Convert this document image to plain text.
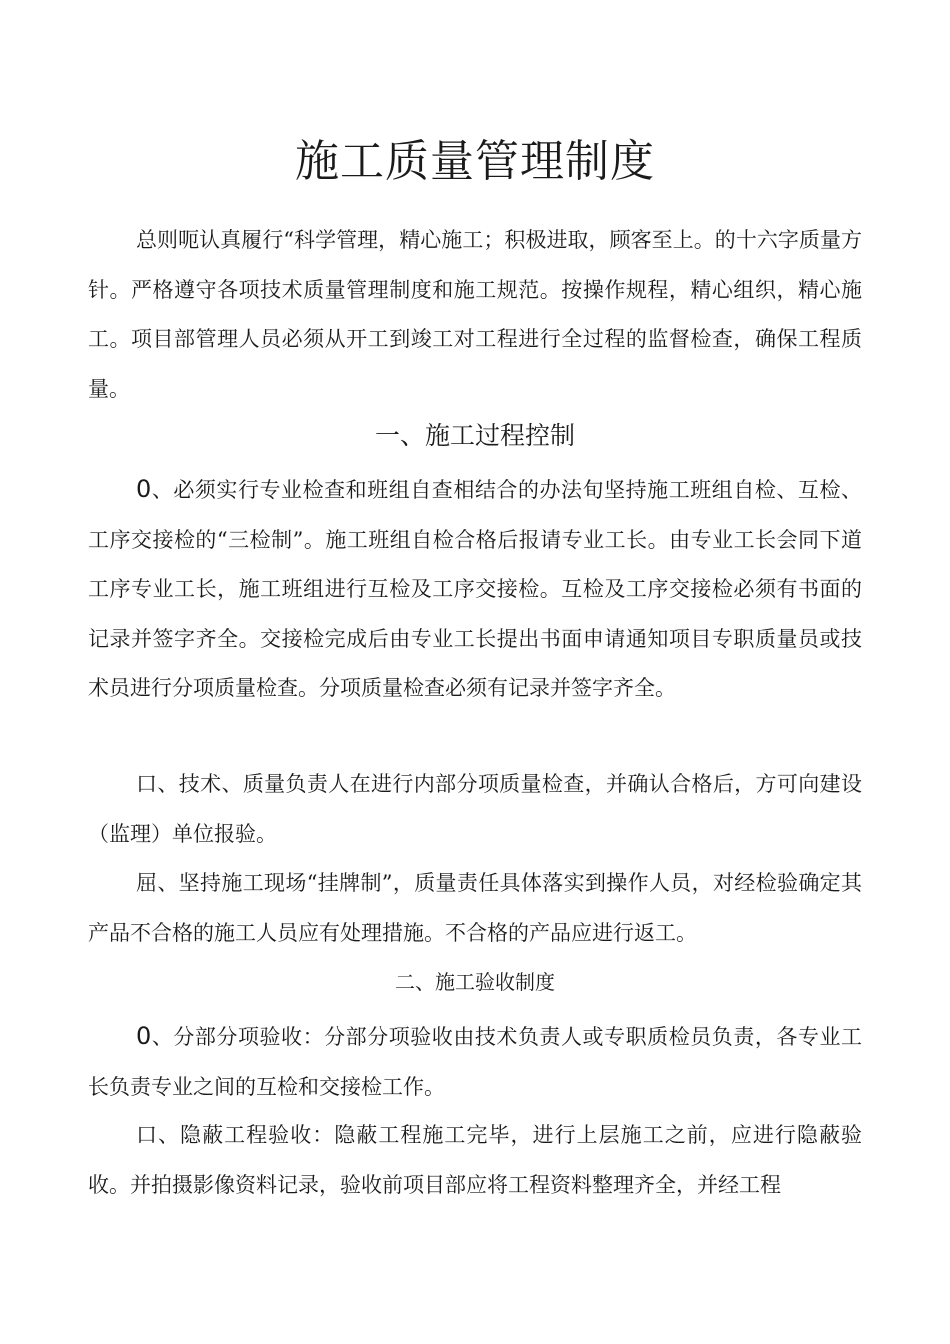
施工质量管理制度

总则呃认真履行“科学管理，精心施工；积极进取，顾客至上。的十六字质量方针。严格遵守各项技术质量管理制度和施工规范。按操作规程，精心组织，精心施工。项目部管理人员必须从开工到竣工对工程进行全过程的监督检查，确保工程质量。

一、施工过程控制

0、必须实行专业检查和班组自查相结合的办法旬坚持施工班组自检、互检、工序交接检的“三检制”。施工班组自检合格后报请专业工长。由专业工长会同下道工序专业工长，施工班组进行互检及工序交接检。互检及工序交接检必须有书面的记录并签字齐全。交接检完成后由专业工长提出书面申请通知项目专职质量员或技术员进行分项质量检查。分项质量检查必须有记录并签字齐全。

口、技术、质量负责人在进行内部分项质量检查，并确认合格后，方可向建设（监理）单位报验。

屈、坚持施工现场“挂牌制”，质量责任具体落实到操作人员，对经检验确定其产品不合格的施工人员应有处理措施。不合格的产品应进行返工。

二、施工验收制度

0、分部分项验收：分部分项验收由技术负责人或专职质检员负责，各专业工长负责专业之间的互检和交接检工作。

口、隐蔽工程验收：隐蔽工程施工完毕，进行上层施工之前，应进行隐蔽验收。并拍摄影像资料记录，验收前项目部应将工程资料整理齐全，并经工程
